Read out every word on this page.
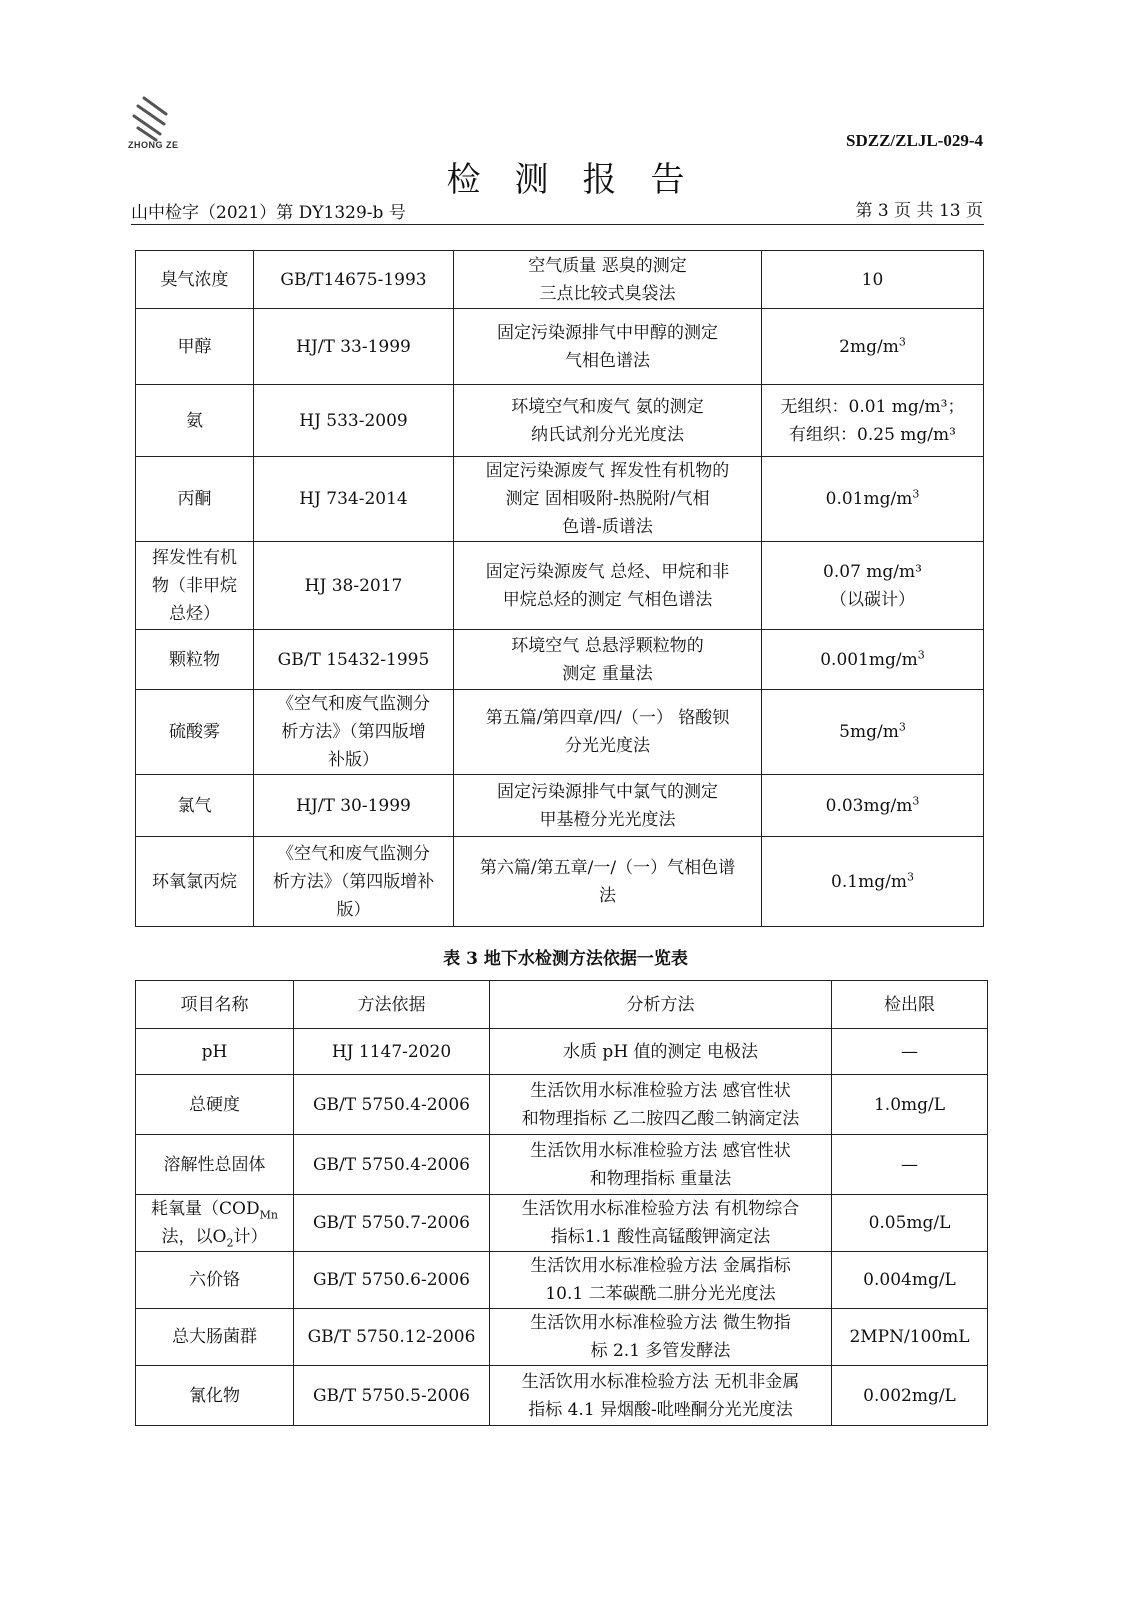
ZHONG ZE	SDZZ/ZLJL-029-4
检测报告
山中检字（2021）第 DY1329-b 号	第 3 页 共 13 页
臭气浓度	GB/T14675-1993	空气质量 恶臭的测定
三点比较式臭袋法	10
甲醇	HJ/T 33-1999	固定污染源排气中甲醇的测定
气相色谱法	$2mg/m^3$
氨	HJ 533-2009	环境空气和废气 氨的测定
纳氏试剂分光光度法	无组织：0.01 mg/m³；
有组织：0.25 mg/m³
丙酮	HJ 734-2014	固定污染源废气 挥发性有机物的
测定 固相吸附-热脱附/气相
色谱-质谱法	$0.01mg/m^3$
挥发性有机
物（非甲烷
总烃）	HJ 38-2017	固定污染源废气 总烃、甲烷和非
甲烷总烃的测定 气相色谱法	0.07 mg/m³
（以碳计）
颗粒物	GB/T 15432-1995	环境空气 总悬浮颗粒物的
测定 重量法	$0.001mg/m^3$
硫酸雾	《空气和废气监测分
析方法》（第四版增
补版）	第五篇/第四章/四/（一） 铬酸钡
分光光度法	$5mg/m^3$
氯气	HJ/T 30-1999	固定污染源排气中氯气的测定
甲基橙分光光度法	$0.03mg/m^3$
环氧氯丙烷	《空气和废气监测分
析方法》（第四版增补
版）	第六篇/第五章/一/（一）气相色谱
法	$0.1mg/m^3$
表 3 地下水检测方法依据一览表
项目名称	方法依据	分析方法	检出限
pH	HJ 1147-2020	水质 pH 值的测定 电极法	—
总硬度	GB/T 5750.4-2006	生活饮用水标准检验方法 感官性状
和物理指标 乙二胺四乙酸二钠滴定法	1.0mg/L
溶解性总固体	GB/T 5750.4-2006	生活饮用水标准检验方法 感官性状
和物理指标 重量法	—
耗氧量（$COD_{Mn}$
法，以$O_2$计）	GB/T 5750.7-2006	生活饮用水标准检验方法 有机物综合
指标1.1 酸性高锰酸钾滴定法	0.05mg/L
六价铬	GB/T 5750.6-2006	生活饮用水标准检验方法 金属指标
10.1 二苯碳酰二肼分光光度法	0.004mg/L
总大肠菌群	GB/T 5750.12-2006	生活饮用水标准检验方法 微生物指
标 2.1 多管发酵法	2MPN/100mL
氰化物	GB/T 5750.5-2006	生活饮用水标准检验方法 无机非金属
指标 4.1 异烟酸-吡唑酮分光光度法	0.002mg/L
